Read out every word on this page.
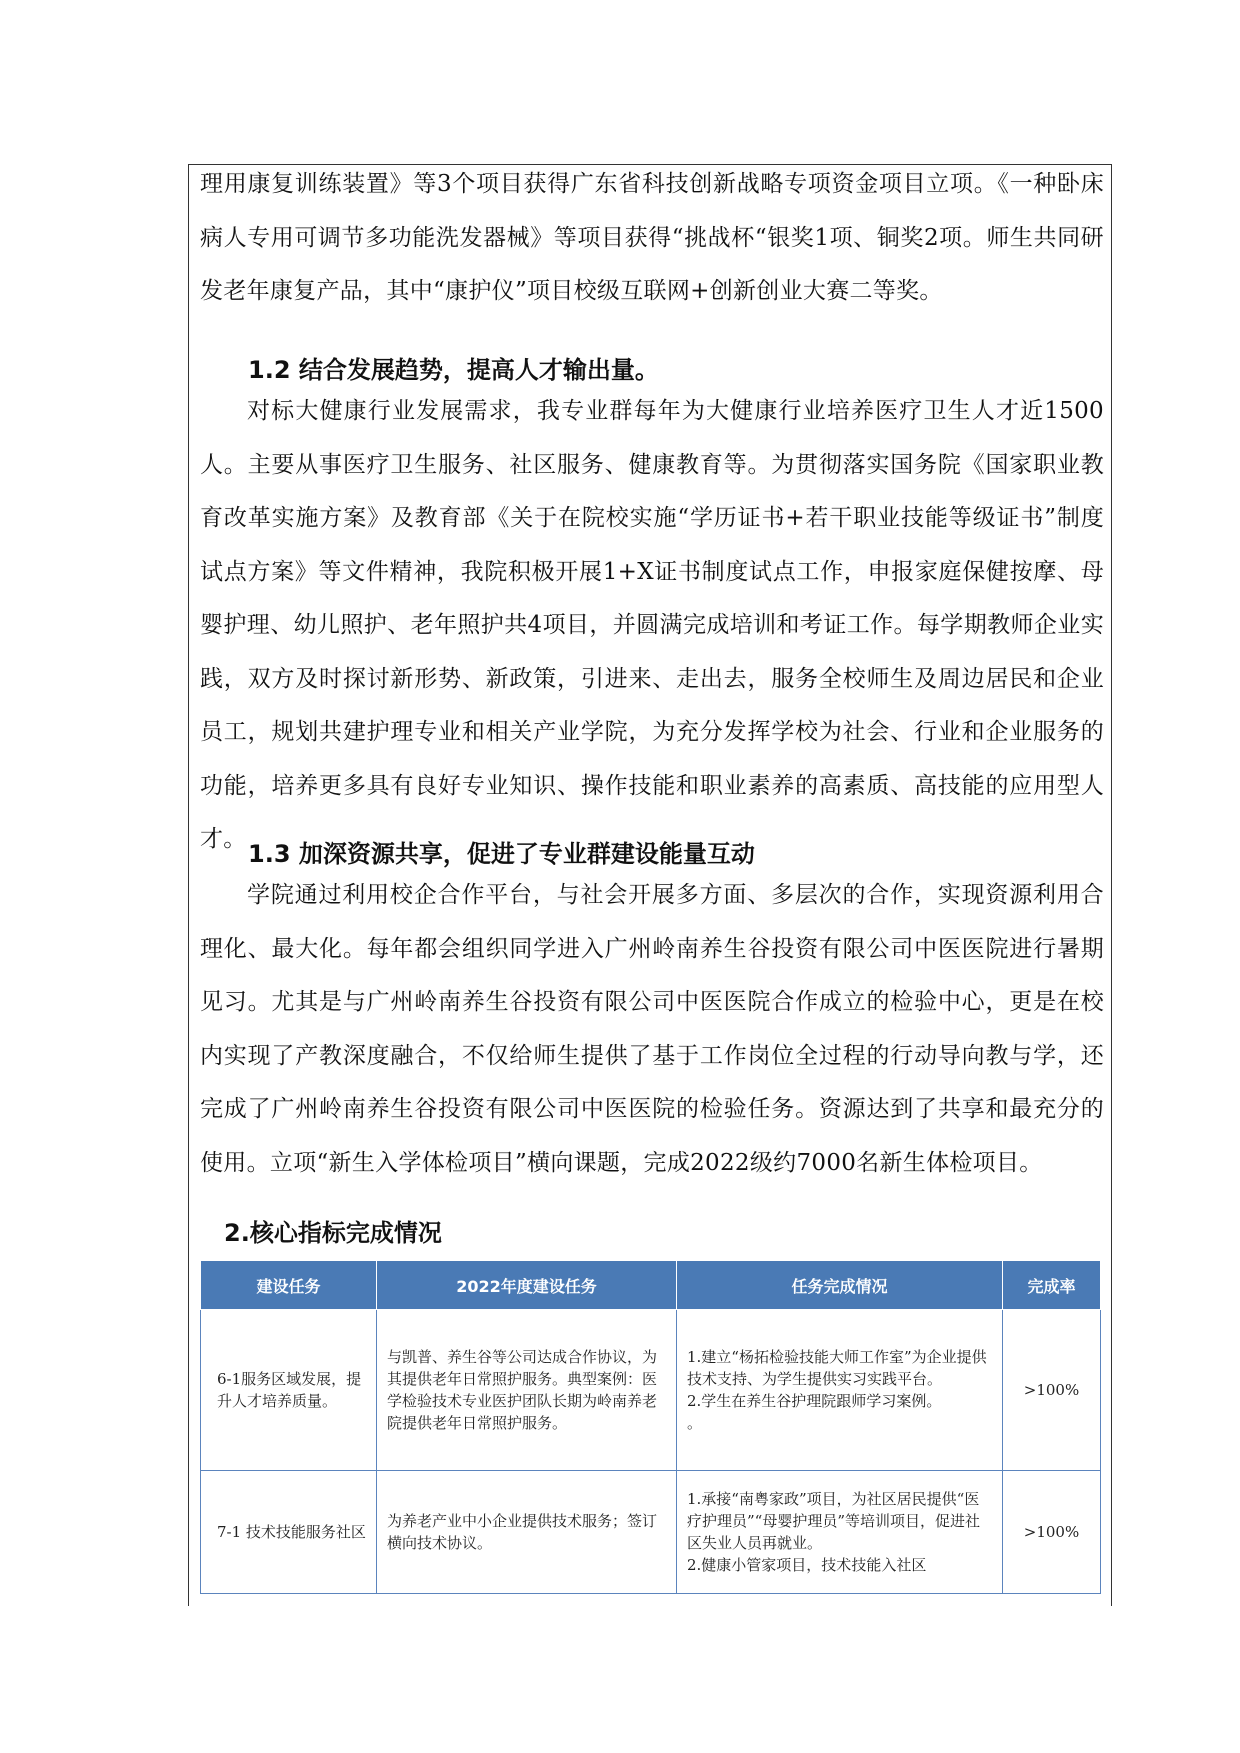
理用康复训练装置》等3个项目获得广东省科技创新战略专项资金项目立项。《一种卧床病人专用可调节多功能洗发器械》等项目获得“挑战杯“银奖1项、铜奖2项。师生共同研发老年康复产品，其中“康护仪”项目校级互联网+创新创业大赛二等奖。

1.2 结合发展趋势，提高人才输出量。

对标大健康行业发展需求，我专业群每年为大健康行业培养医疗卫生人才近1500人。主要从事医疗卫生服务、社区服务、健康教育等。为贯彻落实国务院《国家职业教育改革实施方案》及教育部《关于在院校实施“学历证书+若干职业技能等级证书”制度试点方案》等文件精神，我院积极开展1+X证书制度试点工作，申报家庭保健按摩、母婴护理、幼儿照护、老年照护共4项目，并圆满完成培训和考证工作。每学期教师企业实践，双方及时探讨新形势、新政策，引进来、走出去，服务全校师生及周边居民和企业员工，规划共建护理专业和相关产业学院，为充分发挥学校为社会、行业和企业服务的功能，培养更多具有良好专业知识、操作技能和职业素养的高素质、高技能的应用型人才。

1.3 加深资源共享，促进了专业群建设能量互动

学院通过利用校企合作平台，与社会开展多方面、多层次的合作，实现资源利用合理化、最大化。每年都会组织同学进入广州岭南养生谷投资有限公司中医医院进行暑期见习。尤其是与广州岭南养生谷投资有限公司中医医院合作成立的检验中心，更是在校内实现了产教深度融合，不仅给师生提供了基于工作岗位全过程的行动导向教与学，还完成了广州岭南养生谷投资有限公司中医医院的检验任务。资源达到了共享和最充分的使用。立项“新生入学体检项目”横向课题，完成2022级约7000名新生体检项目。

2.核心指标完成情况

建设任务	2022年度建设任务	任务完成情况	完成率
6-1服务区域发展，提升人才培养质量。	与凯普、养生谷等公司达成合作协议，为其提供老年日常照护服务。典型案例：医学检验技术专业医护团队长期为岭南养老院提供老年日常照护服务。	1.建立“杨拓检验技能大师工作室”为企业提供技术支持、为学生提供实习实践平台。
2.学生在养生谷护理院跟师学习案例。
。	>100%
7-1 技术技能服务社区	为养老产业中小企业提供技术服务；签订横向技术协议。	1.承接“南粤家政”项目，为社区居民提供“医疗护理员”“母婴护理员”等培训项目，促进社区失业人员再就业。
2.健康小管家项目，技术技能入社区	>100%
